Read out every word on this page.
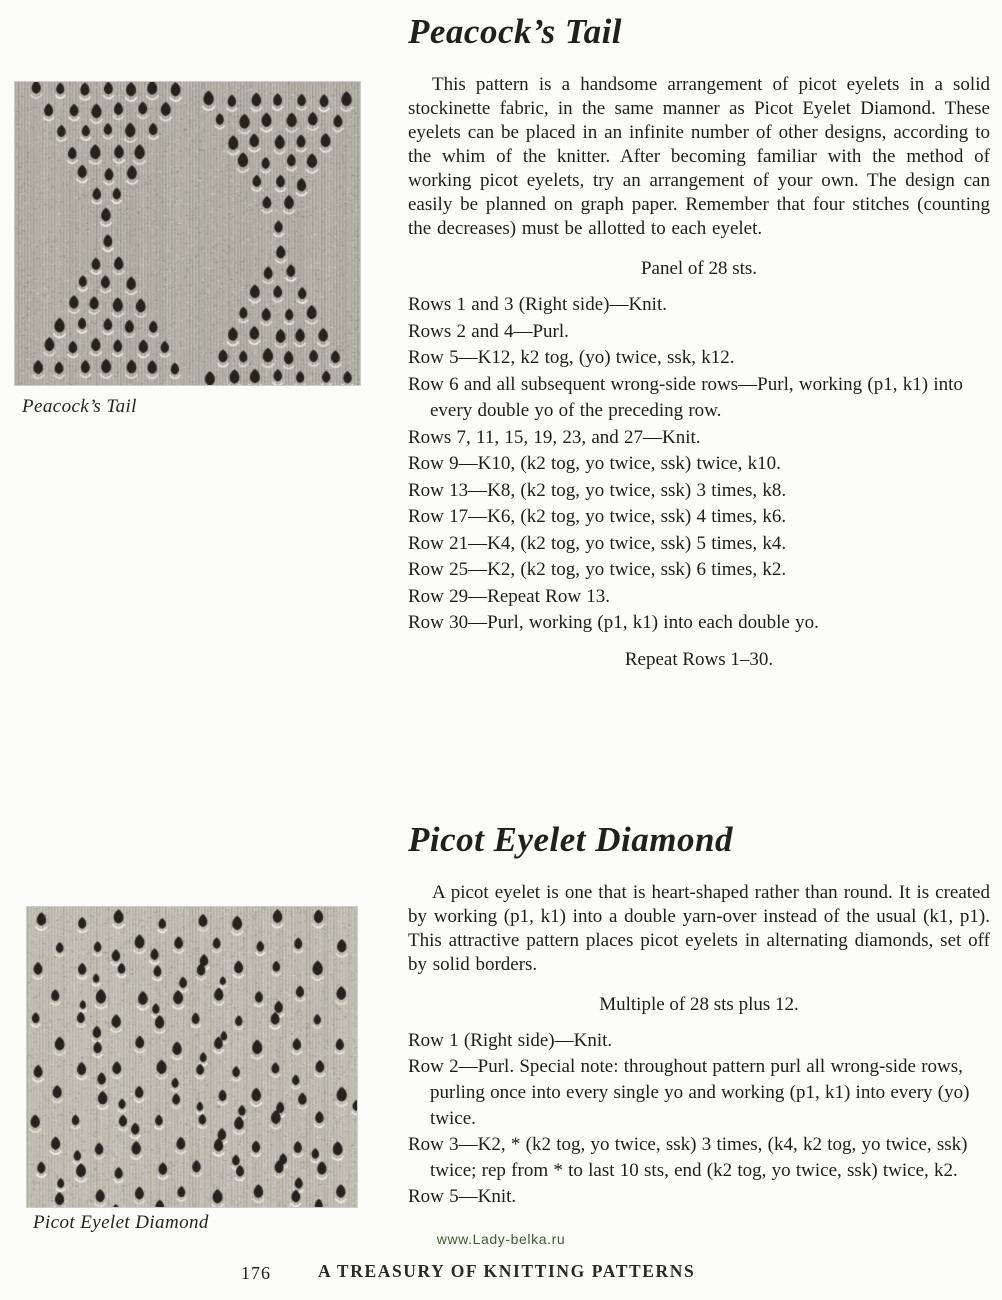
Peacock’s Tail
Peacock’s Tail

This pattern is a handsome arrangement of picot eyelets in a solid stockinette fabric, in the same manner as Picot Eyelet Diamond. These eyelets can be placed in an infinite number of other designs, according to the whim of the knitter. After becoming familiar with the method of working picot eyelets, try an arrangement of your own. The design can easily be planned on graph paper. Remember that four stitches (counting the decreases) must be allotted to each eyelet.

Panel of 28 sts.

Rows 1 and 3 (Right side)—Knit.

Rows 2 and 4—Purl.

Row 5—K12, k2 tog, (yo) twice, ssk, k12.

Row 6 and all subsequent wrong-side rows—Purl, working (p1, k1) into every double yo of the preceding row.

Rows 7, 11, 15, 19, 23, and 27—Knit.

Row 9—K10, (k2 tog, yo twice, ssk) twice, k10.

Row 13—K8, (k2 tog, yo twice, ssk) 3 times, k8.

Row 17—K6, (k2 tog, yo twice, ssk) 4 times, k6.

Row 21—K4, (k2 tog, yo twice, ssk) 5 times, k4.

Row 25—K2, (k2 tog, yo twice, ssk) 6 times, k2.

Row 29—Repeat Row 13.

Row 30—Purl, working (p1, k1) into each double yo.

Repeat Rows 1–30.

Picot Eyelet Diamond
Picot Eyelet Diamond

A picot eyelet is one that is heart-shaped rather than round. It is created by working (p1, k1) into a double yarn-over instead of the usual (k1, p1). This attractive pattern places picot eyelets in alternating diamonds, set off by solid borders.

Multiple of 28 sts plus 12.

Row 1 (Right side)—Knit.

Row 2—Purl. Special note: throughout pattern purl all wrong-side rows, purling once into every single yo and working (p1, k1) into every (yo) twice.

Row 3—K2, * (k2 tog, yo twice, ssk) 3 times, (k4, k2 tog, yo twice, ssk) twice; rep from * to last 10 sts, end (k2 tog, yo twice, ssk) twice, k2.

Row 5—Knit.

www.Lady-belka.ru
176	A TREASURY OF KNITTING PATTERNS
